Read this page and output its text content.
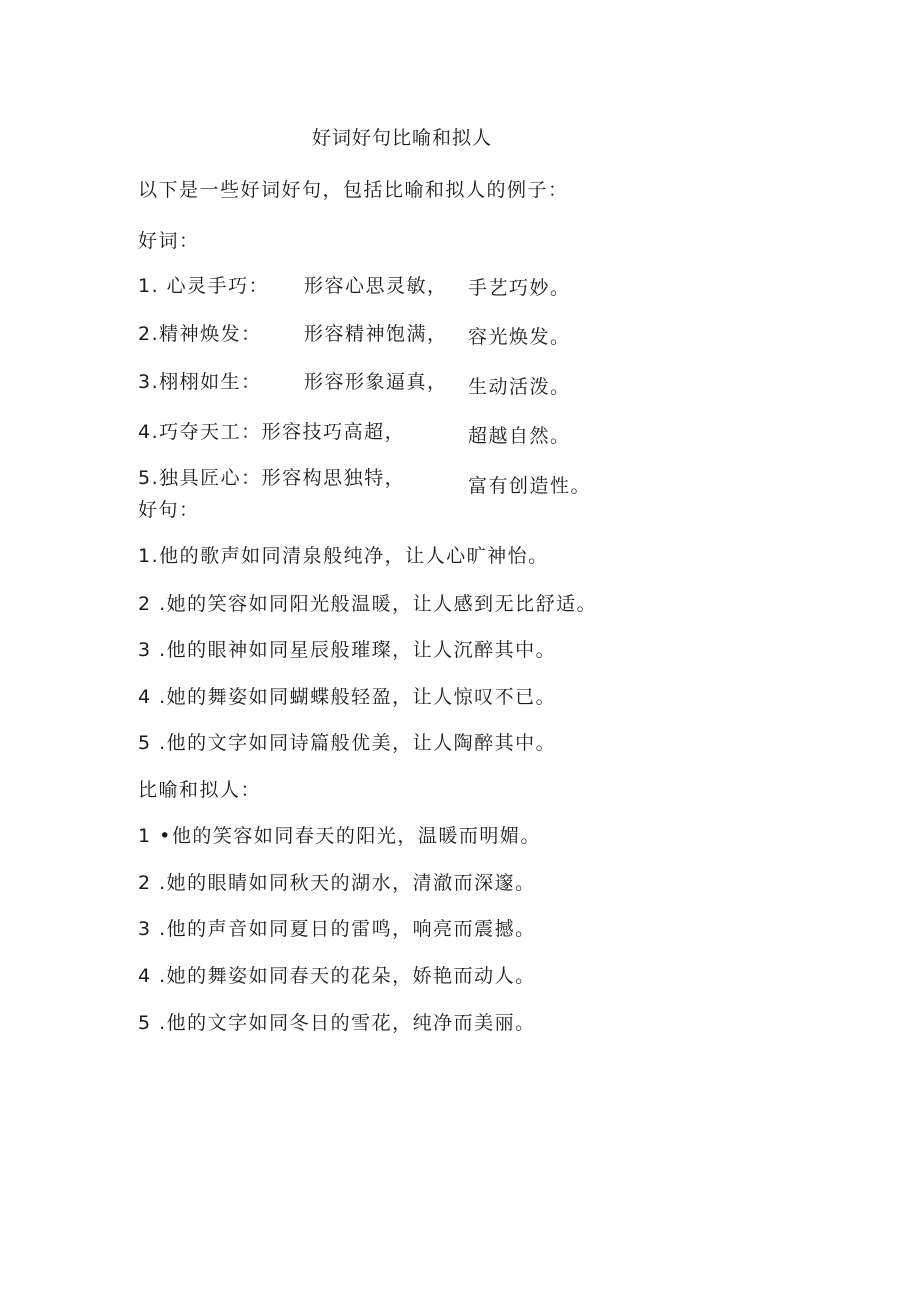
好词好句比喻和拟人
以下是一些好词好句，包括比喻和拟人的例子：
好词：
1. 心灵手巧： 形容心思灵敏， 手艺巧妙。
2.精神焕发： 形容精神饱满， 容光焕发。
3.栩栩如生： 形容形象逼真， 生动活泼。
4.巧夺天工：形容技巧高超，	超越自然。
5.独具匠心：形容构思独特，	富有创造性。
好句：
1.他的歌声如同清泉般纯净，让人心旷神怡。
2 .她的笑容如同阳光般温暖，让人感到无比舒适。
3 .他的眼神如同星辰般璀璨，让人沉醉其中。
4 .她的舞姿如同蝴蝶般轻盈，让人惊叹不已。
5 .他的文字如同诗篇般优美，让人陶醉其中。
比喻和拟人：
1 •他的笑容如同春天的阳光，温暖而明媚。
2 .她的眼睛如同秋天的湖水，清澈而深邃。
3 .他的声音如同夏日的雷鸣，响亮而震撼。
4 .她的舞姿如同春天的花朵，娇艳而动人。
5 .他的文字如同冬日的雪花，纯净而美丽。
